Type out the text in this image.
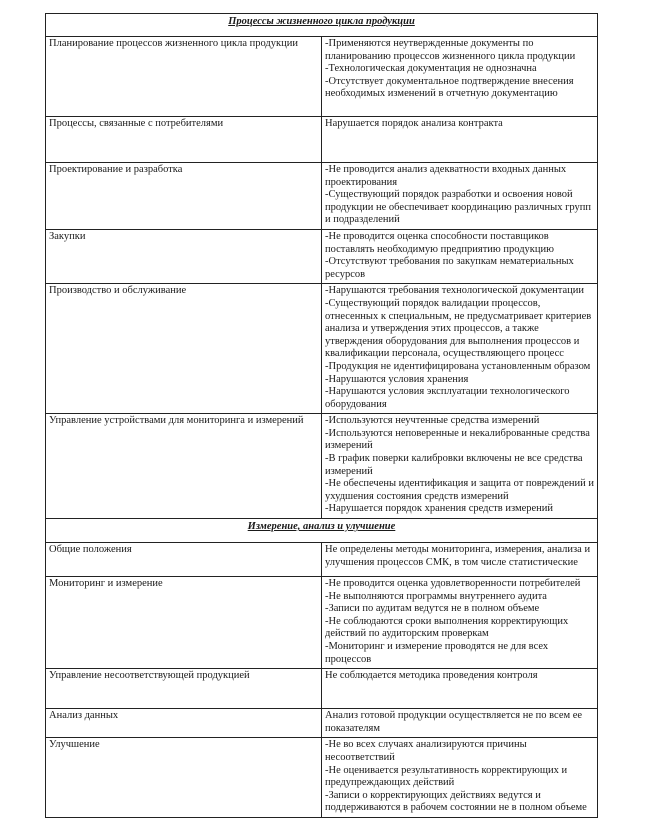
Процессы жизненного цикла продукции	
Планирование процессов жизненного цикла продукции	-Применяются неутвержденные документы по планированию процессов жизненного цикла продукции
-Технологическая документация не однозначна
-Отсутствует документальное подтверждение внесения необходимых изменений в отчетную документацию

Процессы, связанные с потребителями	Нарушается порядок анализа контракта

Проектирование и разработка	-Не проводится анализ адекватности входных данных проектирования
-Существующий порядок разработки и освоения новой продукции не обеспечивает координацию различных групп и подразделений

Закупки	-Не проводится оценка способности поставщиков поставлять необходимую предприятию продукцию
-Отсутствуют требования по закупкам нематериальных ресурсов

Производство и обслуживание	-Нарушаются требования технологической документации
-Существующий порядок валидации процессов, отнесенных к специальным, не предусматривает критериев анализа и утверждения этих процессов, а также утверждения оборудования для выполнения процессов и квалификации персонала, осуществляющего процесс
-Продукция не идентифицирована установленным образом
-Нарушаются условия хранения
-Нарушаются условия эксплуатации технологического оборудования

Управление устройствами для мониторинга и измерений	-Используются неучтенные средства измерений
-Используются неповеренные и некалиброванные средства измерений
-В график поверки калибровки включены не все средства измерений
-Не обеспечены идентификация и защита от повреждений и ухудшения состояния средств измерений
-Нарушается порядок хранения средств измерений

Измерение, анализ и улучшение	
Общие положения	Не определены методы мониторинга, измерения, анализа и улучшения процессов СМК, в том числе статистические

Мониторинг и измерение	-Не проводится оценка удовлетворенности потребителей
-Не выполняются программы внутреннего аудита
-Записи по аудитам ведутся не в полном объеме
-Не соблюдаются сроки выполнения корректирующих действий по аудиторским проверкам
-Мониторинг и измерение проводятся не для всех процессов

Управление несоответствующей продукцией	Не соблюдается методика проведения контроля

Анализ данных	Анализ готовой продукции осуществляется не по всем ее показателям

Улучшение	-Не во всех случаях анализируются причины несоответствий
-Не оценивается результативность корректирующих и предупреждающих действий
-Записи о корректирующих действиях ведутся и поддерживаются в рабочем состоянии не в полном объеме
